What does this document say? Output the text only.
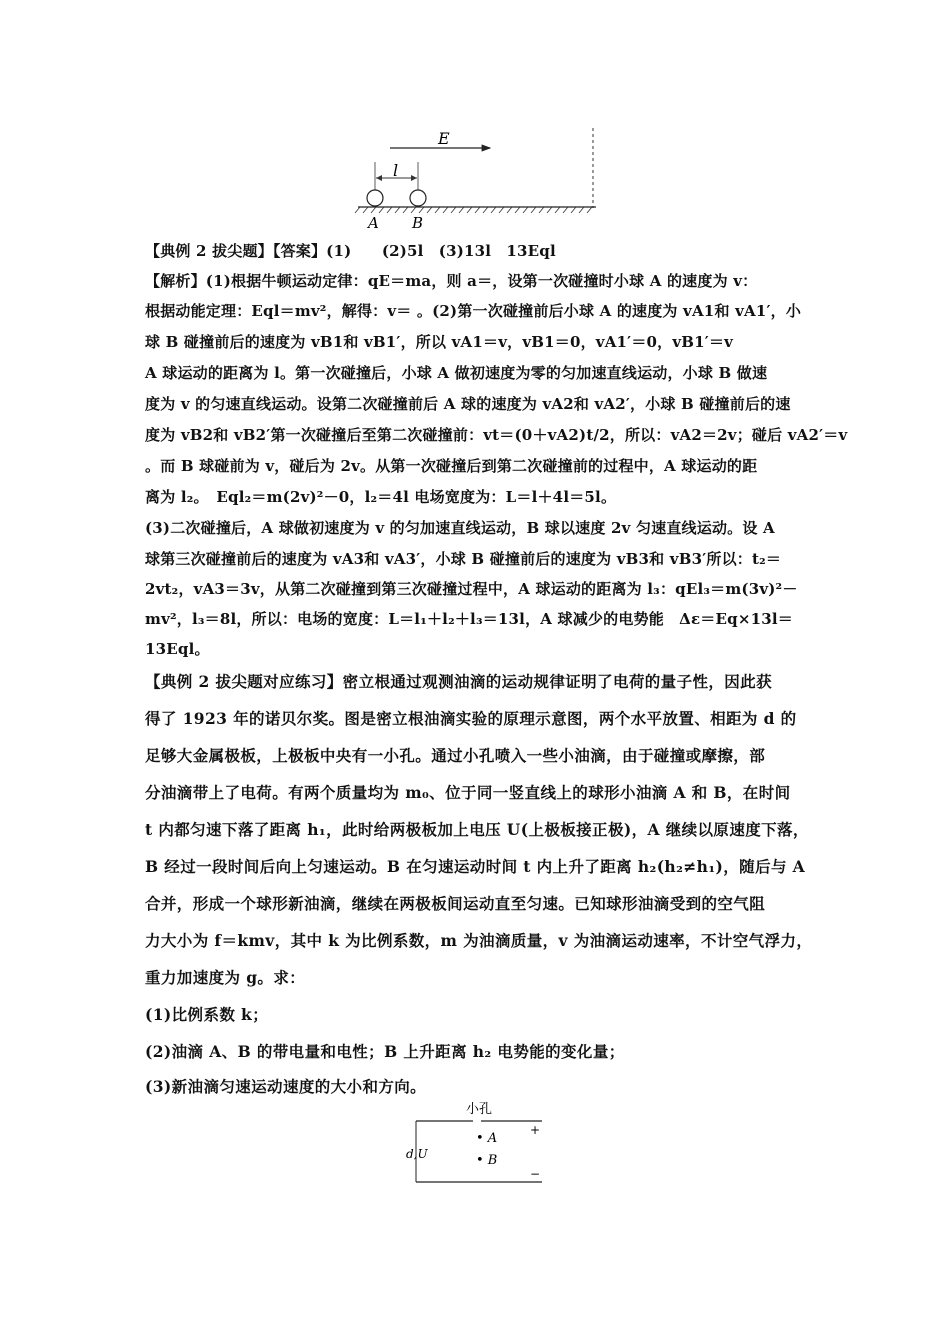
E
l
A B
【典例 2 拔尖题】【答案】(1)　　(2)5l　(3)13l　13Eql
【解析】(1)根据牛顿运动定律：qE＝ma，则 a＝，设第一次碰撞时小球 A 的速度为 v：
根据动能定理：Eql＝mv²，解得：v＝ 。(2)第一次碰撞前后小球 A 的速度为 vA1和 vA1′，小
球 B 碰撞前后的速度为 vB1和 vB1′，所以 vA1＝v，vB1＝0，vA1′＝0，vB1′＝v
A 球运动的距离为 l。第一次碰撞后，小球 A 做初速度为零的匀加速直线运动，小球 B 做速
度为 v 的匀速直线运动。设第二次碰撞前后 A 球的速度为 vA2和 vA2′，小球 B 碰撞前后的速
度为 vB2和 vB2′第一次碰撞后至第二次碰撞前：vt＝(0＋vA2)t/2，所以：vA2＝2v；碰后 vA2′＝v
。而 B 球碰前为 v，碰后为 2v。从第一次碰撞后到第二次碰撞前的过程中，A 球运动的距
离为 l₂。　Eql₂＝m(2v)²－0，l₂＝4l 电场宽度为：L＝l＋4l＝5l。
(3)二次碰撞后，A 球做初速度为 v 的匀加速直线运动，B 球以速度 2v 匀速直线运动。设 A
球第三次碰撞前后的速度为 vA3和 vA3′，小球 B 碰撞前后的速度为 vB3和 vB3′所以：t₂＝
2vt₂，vA3＝3v，从第二次碰撞到第三次碰撞过程中，A 球运动的距离为 l₃：qEl₃＝m(3v)²－
mv²，l₃＝8l，所以：电场的宽度：L＝l₁＋l₂＋l₃＝13l，A 球减少的电势能　Δε＝Eq×13l＝
13Eql。
【典例 2 拔尖题对应练习】密立根通过观测油滴的运动规律证明了电荷的量子性，因此获
得了 1923 年的诺贝尔奖。图是密立根油滴实验的原理示意图，两个水平放置、相距为 d 的
足够大金属极板，上极板中央有一小孔。通过小孔喷入一些小油滴，由于碰撞或摩擦，部
分油滴带上了电荷。有两个质量均为 m₀、位于同一竖直线上的球形小油滴 A 和 B，在时间
t 内都匀速下落了距离 h₁，此时给两极板加上电压 U(上极板接正极)，A 继续以原速度下落，
B 经过一段时间后向上匀速运动。B 在匀速运动时间 t 内上升了距离 h₂(h₂≠h₁)，随后与 A
合并，形成一个球形新油滴，继续在两极板间运动直至匀速。已知球形油滴受到的空气阻
力大小为 f＝kmv，其中 k 为比例系数，m 为油滴质量，v 为油滴运动速率，不计空气浮力，
重力加速度为 g。求：
(1)比例系数 k；
(2)油滴 A、B 的带电量和电性；B 上升距离 h₂ 电势能的变化量；
(3)新油滴匀速运动速度的大小和方向。
小孔
+
• A
• B
d,U
−
